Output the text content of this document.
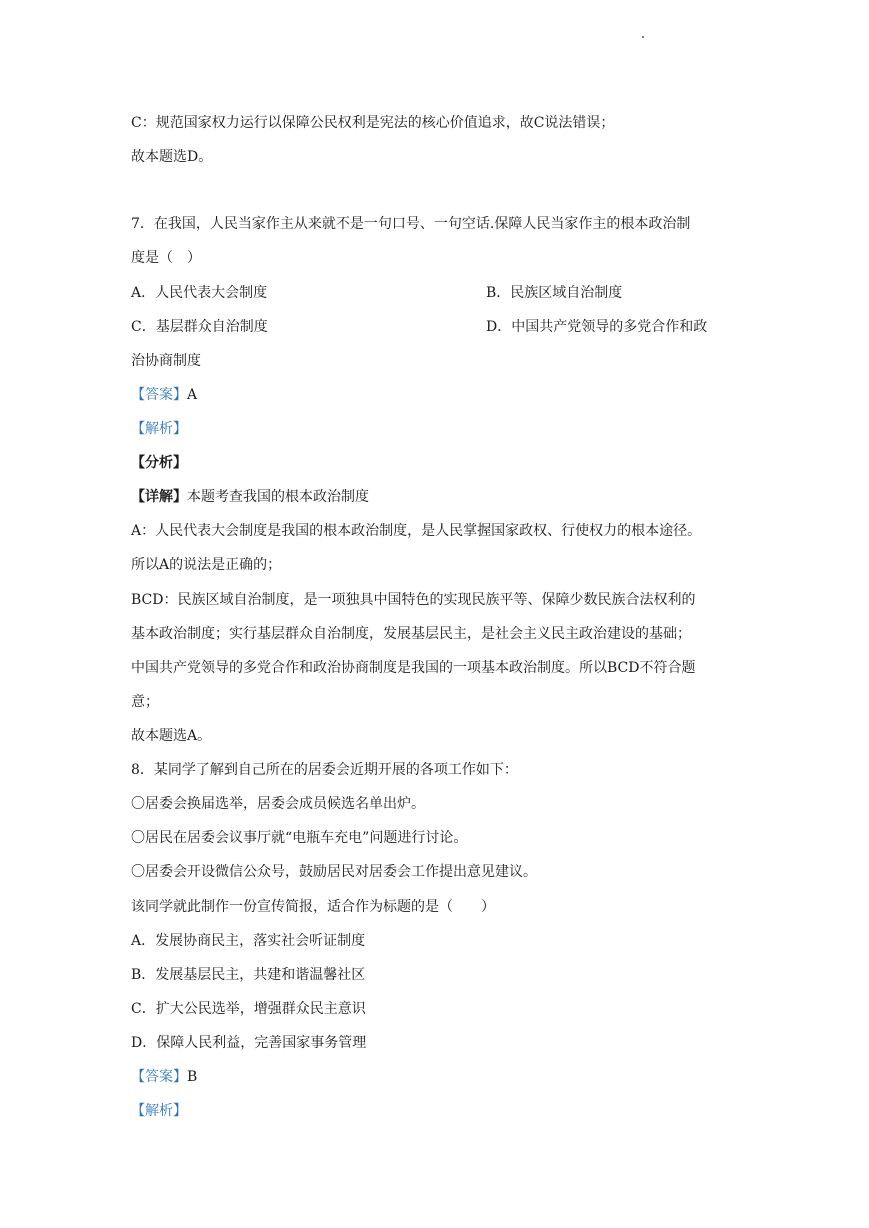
C：规范国家权力运行以保障公民权利是宪法的核心价值追求，故C说法错误；
故本题选D。
7．在我国，人民当家作主从来就不是一句口号、一句空话.保障人民当家作主的根本政治制
度是（　）
A．人民代表大会制度	B．民族区域自治制度
C．基层群众自治制度	D．中国共产党领导的多党合作和政
治协商制度
【答案】A
【解析】
【分析】
【详解】本题考查我国的根本政治制度
A：人民代表大会制度是我国的根本政治制度，是人民掌握国家政权、行使权力的根本途径。
所以A的说法是正确的；
BCD：民族区域自治制度，是一项独具中国特色的实现民族平等、保障少数民族合法权利的
基本政治制度；实行基层群众自治制度，发展基层民主，是社会主义民主政治建设的基础；
中国共产党领导的多党合作和政治协商制度是我国的一项基本政治制度。所以BCD不符合题
意；
故本题选A。
8．某同学了解到自己所在的居委会近期开展的各项工作如下：
〇居委会换届选举，居委会成员候选名单出炉。
〇居民在居委会议事厅就“电瓶车充电”问题进行讨论。
〇居委会开设微信公众号，鼓励居民对居委会工作提出意见建议。
该同学就此制作一份宣传简报，适合作为标题的是（　　）
A．发展协商民主，落实社会听证制度
B．发展基层民主，共建和谐温馨社区
C．扩大公民选举，增强群众民主意识
D．保障人民利益，完善国家事务管理
【答案】B
【解析】
